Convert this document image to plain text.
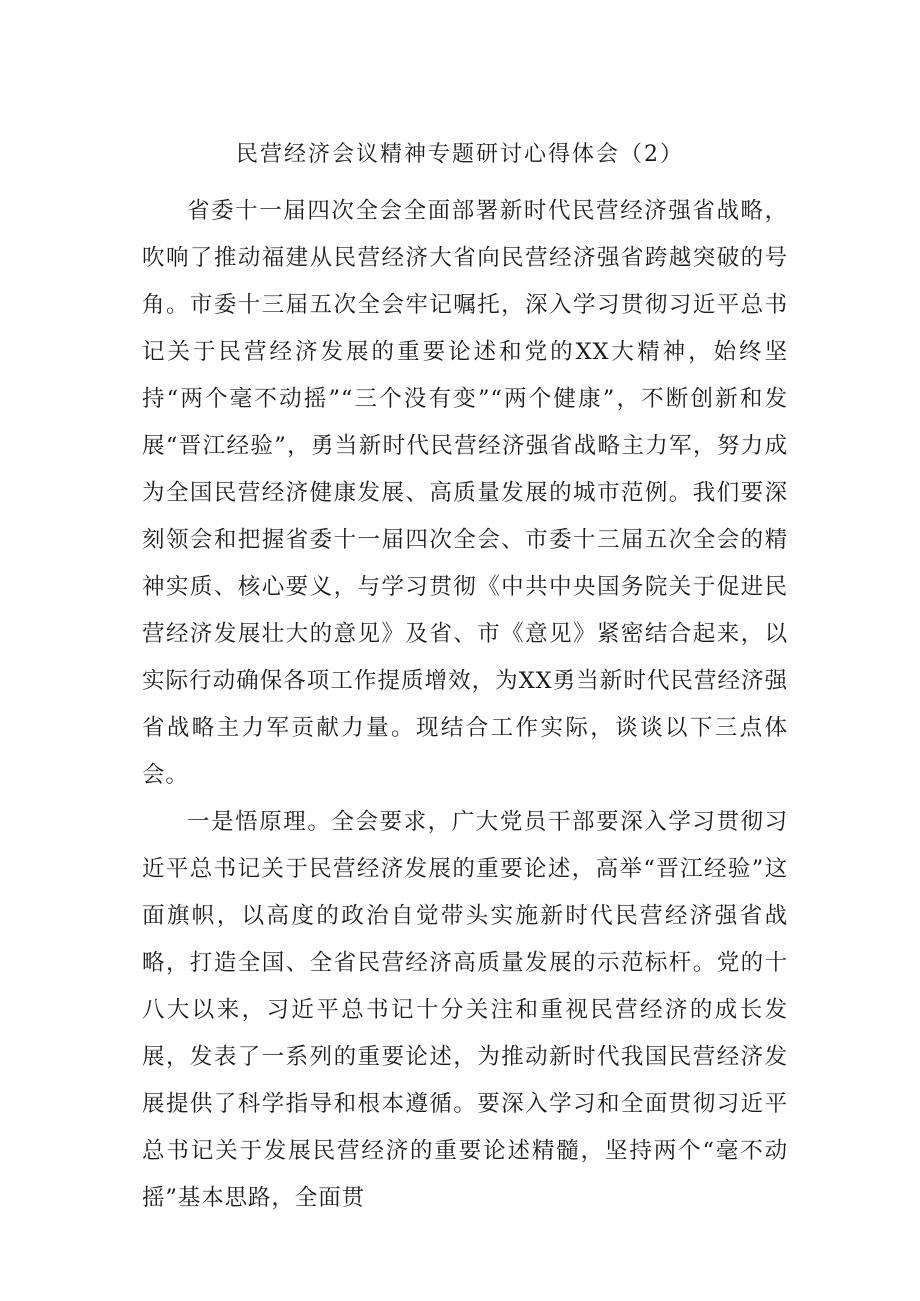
民营经济会议精神专题研讨心得体会（2）

省委十一届四次全会全面部署新时代民营经济强省战略，吹响了推动福建从民营经济大省向民营经济强省跨越突破的号角。市委十三届五次全会牢记嘱托，深入学习贯彻习近平总书记关于民营经济发展的重要论述和党的XX大精神，始终坚持“两个毫不动摇”“三个没有变”“两个健康”，不断创新和发展“晋江经验”，勇当新时代民营经济强省战略主力军，努力成为全国民营经济健康发展、高质量发展的城市范例。我们要深刻领会和把握省委十一届四次全会、市委十三届五次全会的精神实质、核心要义，与学习贯彻《中共中央国务院关于促进民营经济发展壮大的意见》及省、市《意见》紧密结合起来，以实际行动确保各项工作提质增效，为XX勇当新时代民营经济强省战略主力军贡献力量。现结合工作实际，谈谈以下三点体会。

一是悟原理。全会要求，广大党员干部要深入学习贯彻习近平总书记关于民营经济发展的重要论述，高举“晋江经验”这面旗帜，以高度的政治自觉带头实施新时代民营经济强省战略，打造全国、全省民营经济高质量发展的示范标杆。党的十八大以来，习近平总书记十分关注和重视民营经济的成长发展，发表了一系列的重要论述，为推动新时代我国民营经济发展提供了科学指导和根本遵循。要深入学习和全面贯彻习近平总书记关于发展民营经济的重要论述精髓，坚持两个“毫不动摇”基本思路，全面贯
